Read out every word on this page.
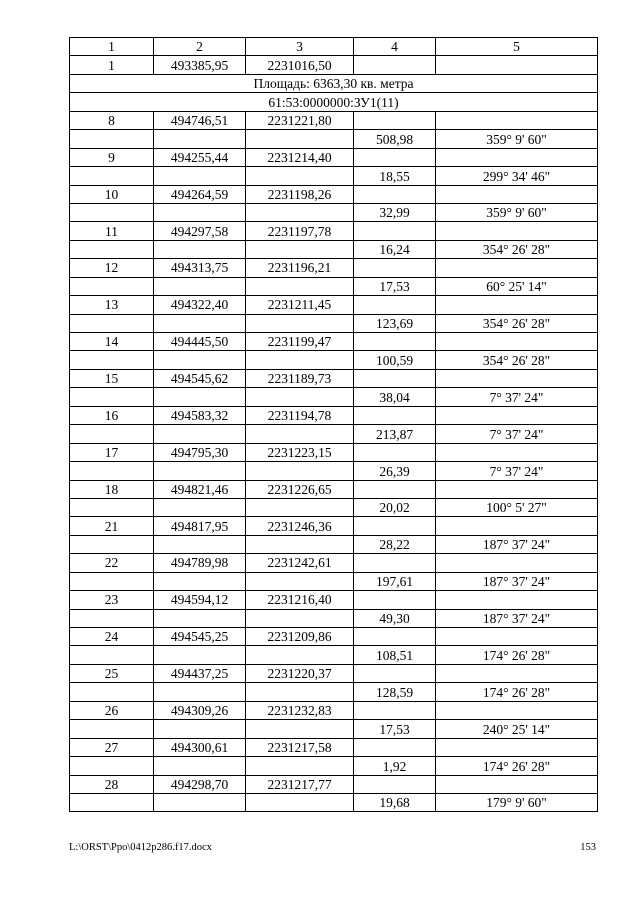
1	2	3	4	5
1	493385,95	2231016,50		
Площадь: 6363,30 кв. метра				
61:53:0000000:ЗУ1(11)				
8	494746,51	2231221,80		
			508,98	359° 9' 60"
9	494255,44	2231214,40		
			18,55	299° 34' 46"
10	494264,59	2231198,26		
			32,99	359° 9' 60"
11	494297,58	2231197,78		
			16,24	354° 26' 28"
12	494313,75	2231196,21		
			17,53	60° 25' 14"
13	494322,40	2231211,45		
			123,69	354° 26' 28"
14	494445,50	2231199,47		
			100,59	354° 26' 28"
15	494545,62	2231189,73		
			38,04	7° 37' 24"
16	494583,32	2231194,78		
			213,87	7° 37' 24"
17	494795,30	2231223,15		
			26,39	7° 37' 24"
18	494821,46	2231226,65		
			20,02	100° 5' 27"
21	494817,95	2231246,36		
			28,22	187° 37' 24"
22	494789,98	2231242,61		
			197,61	187° 37' 24"
23	494594,12	2231216,40		
			49,30	187° 37' 24"
24	494545,25	2231209,86		
			108,51	174° 26' 28"
25	494437,25	2231220,37		
			128,59	174° 26' 28"
26	494309,26	2231232,83		
			17,53	240° 25' 14"
27	494300,61	2231217,58		
			1,92	174° 26' 28"
28	494298,70	2231217,77		
			19,68	179° 9' 60"
L:\ORST\Ppo\0412p286.f17.docx	153
